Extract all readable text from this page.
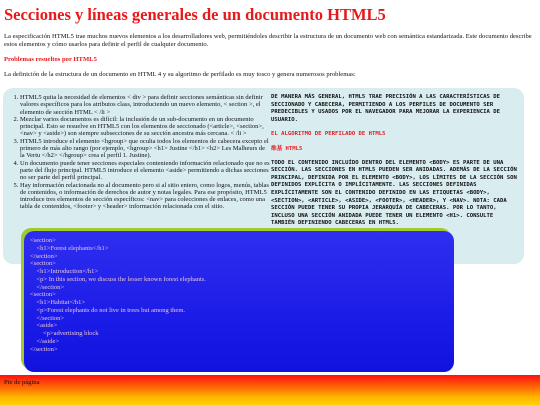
Secciones y líneas generales de un documento HTML5

La especificación HTML5 trae muchos nuevos elementos a los desarrolladores web, permitiéndoles describir la estructura de un documento web con semántica estandarizada. Este documento describe estos elementos y cómo usarlos para definir el perfil de cualquier documento.

Problemas resueltos por HTML5

La definición de la estructura de un documento en HTML 4 y su algoritmo de perfilado es muy tosco y genera numerosos problemas:

1. HTML5 quita la necesidad de elementos < div > para definir secciones semánticas sin definir valores específicos para los atributos class, introduciendo un nuevo elemento, < section >, el elemento de sección HTML < /li >
2. Mezclar varios documentos es difícil: la inclusión de un sub-documento en un documento principal. Esto se resuelve en HTML5 con los elementos de seccionado (<article>, <section>, <nav> y <aside>) son siempre subsecciones de su sección ancestra más cercana. < /li >
3. HTML5 introduce el elemento <hgroup> que oculta todos los elementos de cabecera excepto el primero de más alto rango (por ejemplo, <hgroup> <h1> Justine </h1> <h2> Les Malheurs de la Vertu </h2> </hgroup> crea el perfil 1. Justine).
4. Un documento puede tener secciones especiales conteniendo información relacionado que no es parte del flujo principal. HTML5 introduce el elemento <aside> permitiendo a dichas secciones no ser parte del perfil principal.
5. Hay información relacionada no al documento pero si al sitio entero, como logos, menús, tablas de contenidos, o información de derechos de autor y notas legales. Para ese propósito, HTML5 introduce tres elementos de sección específicos: <nav> para colecciones de enlaces, como una tabla de contenidos, <footer> y <header> información relacionada con el sitio.

DE MANERA MÁS GENERAL, HTML5 TRAE PRECISIÓN A LAS CARACTERÍSTICAS DE SECCIONADO Y CABECERA, PERMITIENDO A LOS PERFILES DE DOCUMENTO SER PREDECIBLES Y USADOS POR EL NAVEGADOR PARA MEJORAR LA EXPERIENCIA DE USUARIO.

EL ALGORITMO DE PERFILADO DE HTML5

维基 HTML5

TODO EL CONTENIDO INCLUÍDO DENTRO DEL ELEMENTO <BODY> ES PARTE DE UNA SECCIÓN. LAS SECCIONES EN HTML5 PUEDEN SER ANIDADAS. ADEMÁS DE LA SECCIÓN PRINCIPAL, DEFINIDA POR EL ELEMENTO <BODY>, LOS LÍMITES DE LA SECCIÓN SON DEFINIDOS EXPLÍCITA O IMPLÍCITAMENTE. LAS SECCIONES DEFINIDAS EXPLÍCITAMENTE SON EL CONTENIDO DEFINIDO EN LAS ETIQUETAS <BODY>, <SECTION>, <ARTICLE>, <ASIDE>, <FOOTER>, <HEADER>, Y <NAV>. NOTA: CADA SECCIÓN PUEDE TENER SU PROPIA JERARQUÍA DE CABECERAS. POR LO TANTO, INCLUSO UNA SECCIÓN ANIDADA PUEDE TENER UN ELEMENTO <H1>. CONSULTE TAMBIÉN DEFINIENDO CABECERAS EN HTML5.

<section>
<h1>Forest elephants</h1>
</section>
<section>
<h1>Introduction</h1>
<p> In this section, we discuss the lesser known forest elephants.
</section>
<section>
<h1>Habitat</h1>
<p>Forest elephants do not live in trees but among them.
</section>
<aside>
<p>advertising block
</aside>
</section>
Pie de página
